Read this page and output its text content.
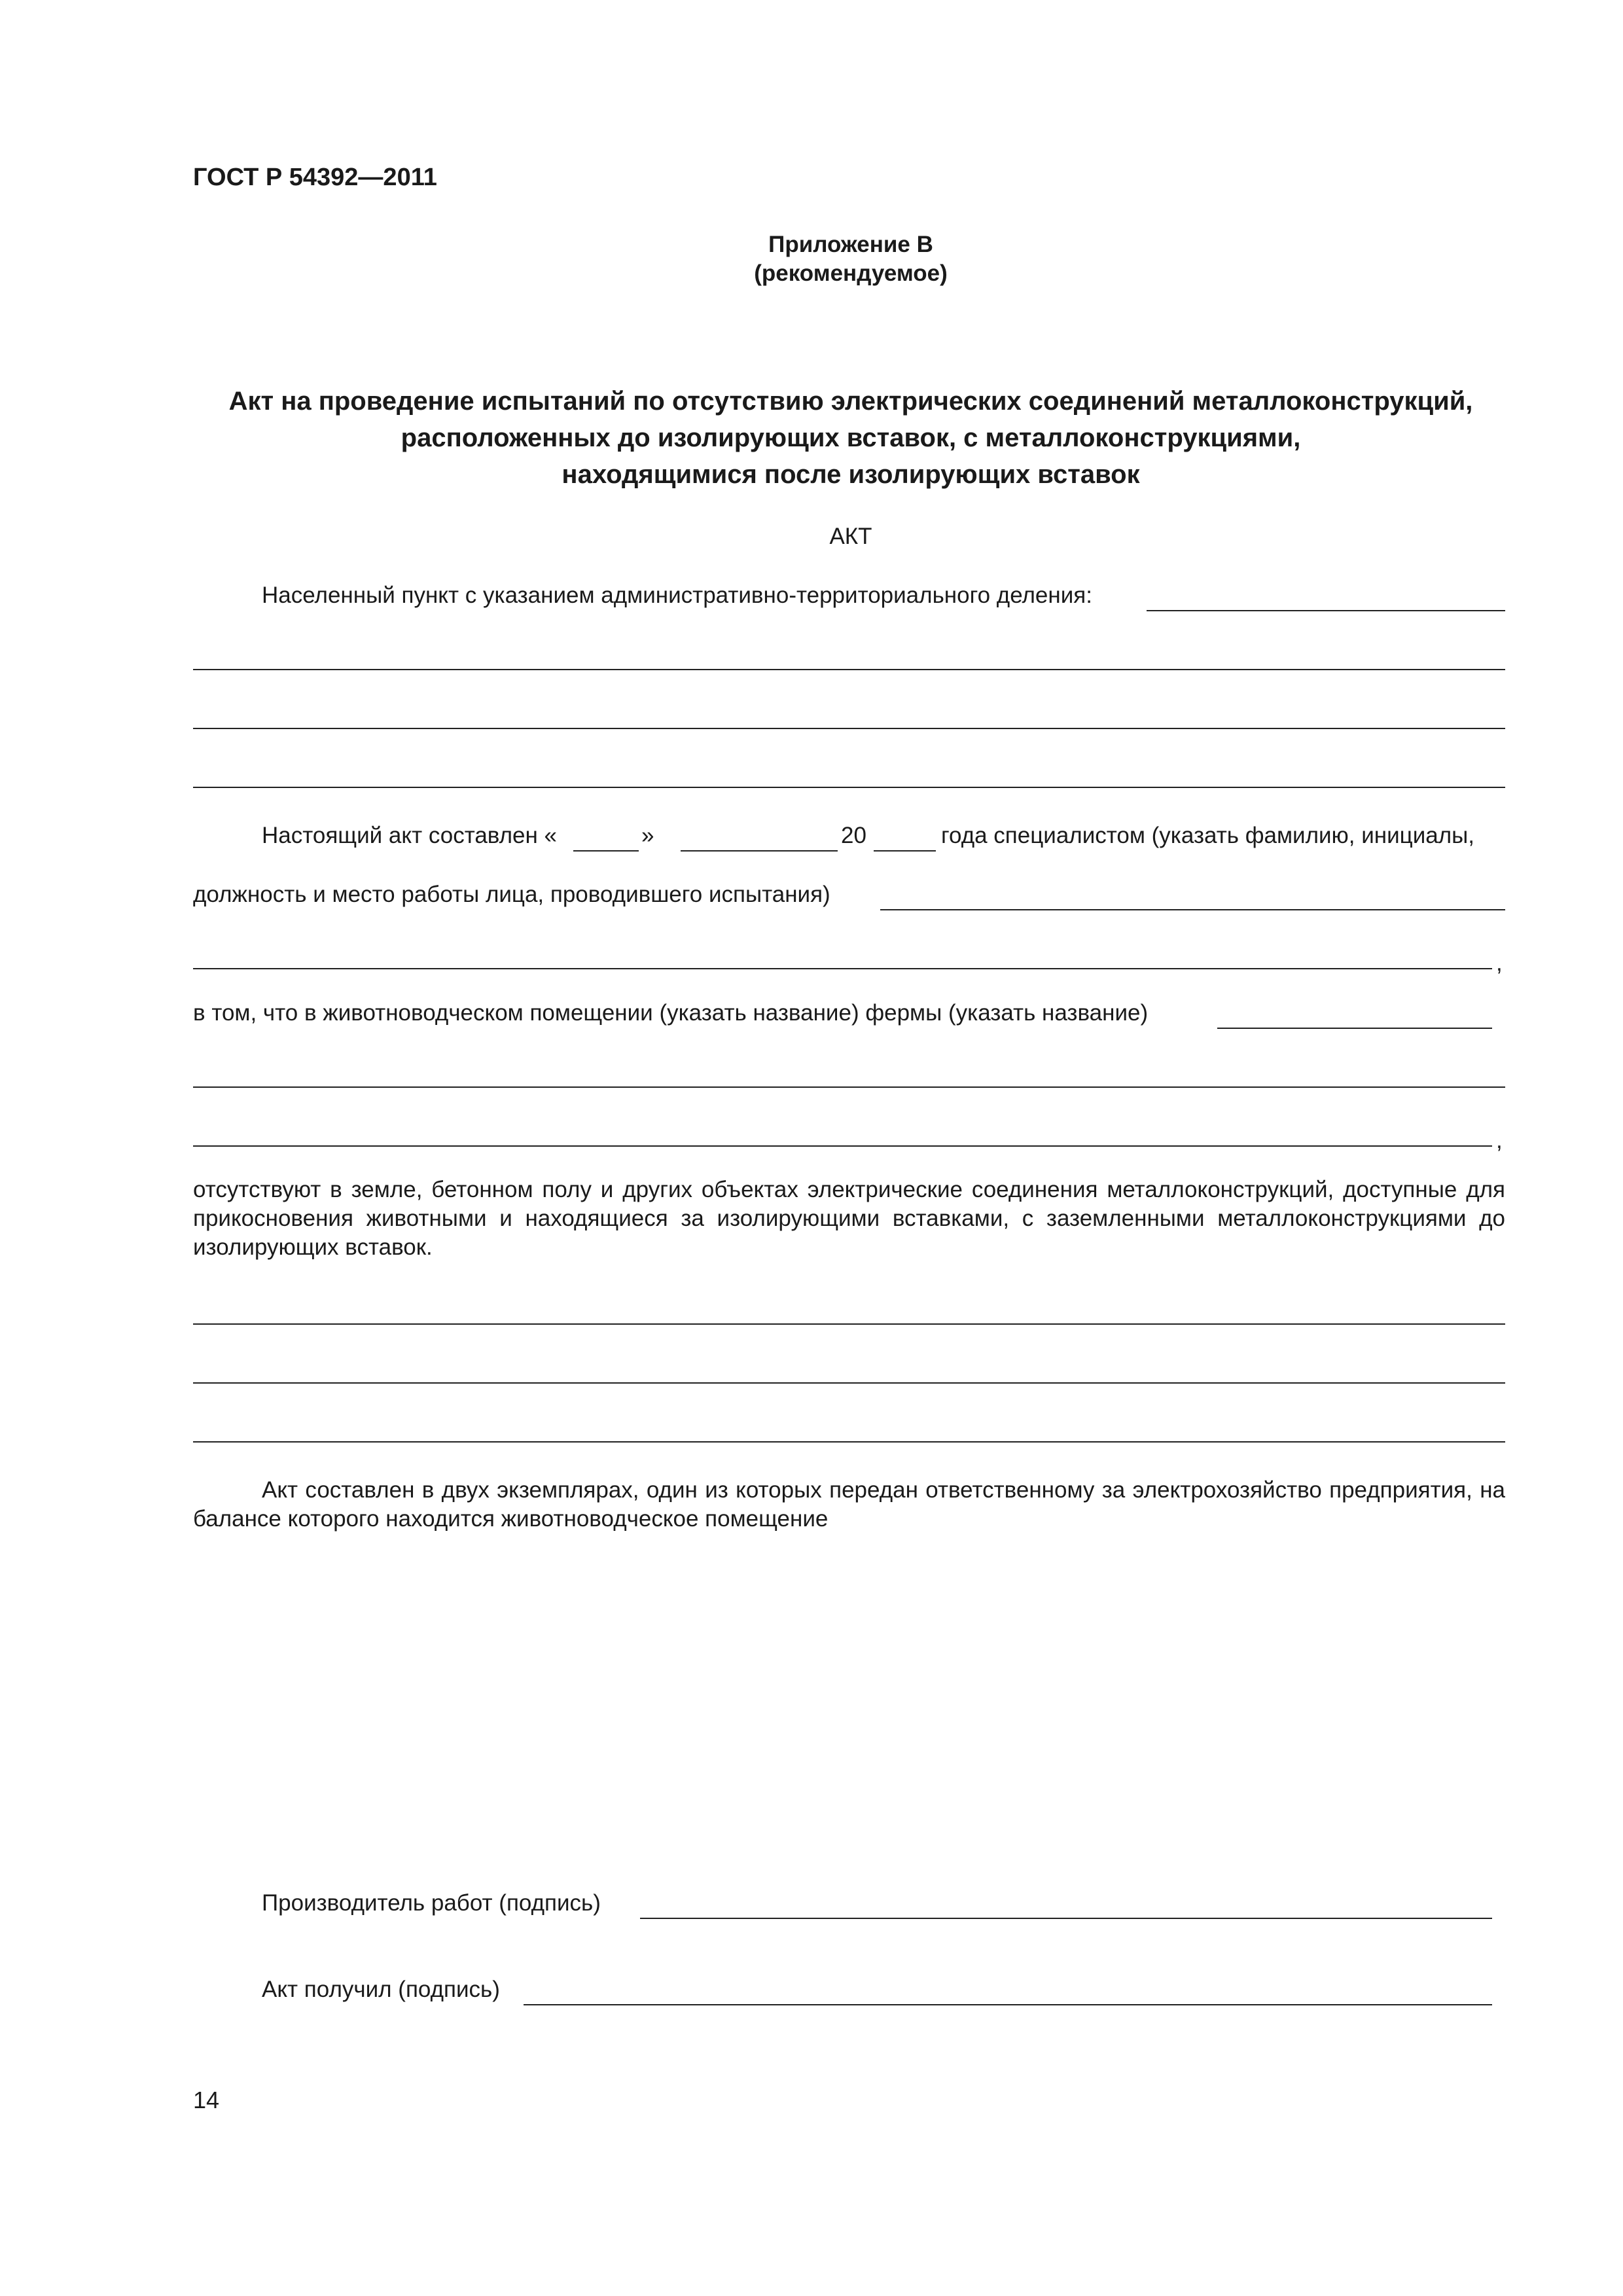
ГОСТ Р 54392—2011
Приложение В
(рекомендуемое)
Акт на проведение испытаний по отсутствию электрических соединений металлоконструкций,
расположенных до изолирующих вставок, с металлоконструкциями,
находящимися после изолирующих вставок
АКТ
Населенный пункт с указанием административно-территориального деления:
Настоящий акт составлен «	»	20	года специалистом (указать фамилию, инициалы,
должность и место работы лица, проводившего испытания)
,
в том, что в животноводческом помещении (указать название) фермы (указать название)
,
отсутствуют в земле, бетонном полу и других объектах электрические соединения металлоконструкций, доступные для прикосновения животными и находящиеся за изолирующими вставками, с заземленными металлоконструкциями до изолирующих вставок.
Акт составлен в двух экземплярах, один из которых передан ответственному за электрохозяйство предприятия, на балансе которого находится животноводческое помещение
Производитель работ (подпись)
Акт получил (подпись)
14
